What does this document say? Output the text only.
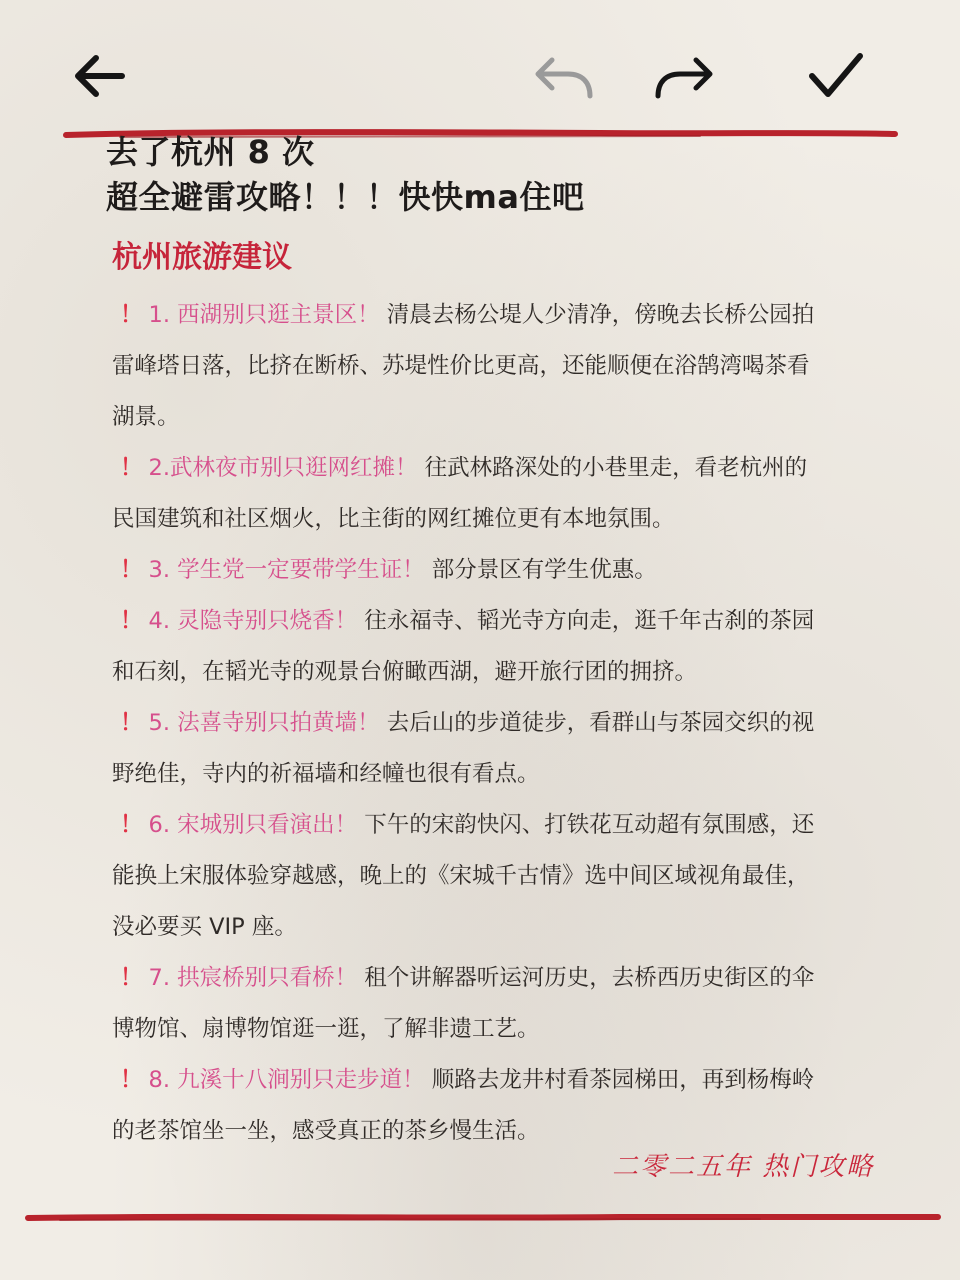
去了杭州 8 次
超全避雷攻略！！！快快ma住吧
杭州旅游建议

！ 1. 西湖别只逛主景区！ 清晨去杨公堤人少清净，傍晚去长桥公园拍雷峰塔日落，比挤在断桥、苏堤性价比更高，还能顺便在浴鹄湾喝茶看湖景。

！ 2.武林夜市别只逛网红摊！ 往武林路深处的小巷里走，看老杭州的民国建筑和社区烟火，比主街的网红摊位更有本地氛围。

！ 3. 学生党一定要带学生证！ 部分景区有学生优惠。

！ 4. 灵隐寺别只烧香！ 往永福寺、韬光寺方向走，逛千年古刹的茶园和石刻，在韬光寺的观景台俯瞰西湖，避开旅行团的拥挤。

！ 5. 法喜寺别只拍黄墙！ 去后山的步道徒步，看群山与茶园交织的视野绝佳，寺内的祈福墙和经幢也很有看点。

！ 6. 宋城别只看演出！ 下午的宋韵快闪、打铁花互动超有氛围感，还能换上宋服体验穿越感，晚上的《宋城千古情》选中间区域视角最佳，没必要买 VIP 座。

！ 7. 拱宸桥别只看桥！ 租个讲解器听运河历史，去桥西历史街区的伞博物馆、扇博物馆逛一逛，了解非遗工艺。

！ 8. 九溪十八涧别只走步道！ 顺路去龙井村看茶园梯田，再到杨梅岭的老茶馆坐一坐，感受真正的茶乡慢生活。

二零二五年 热门攻略
